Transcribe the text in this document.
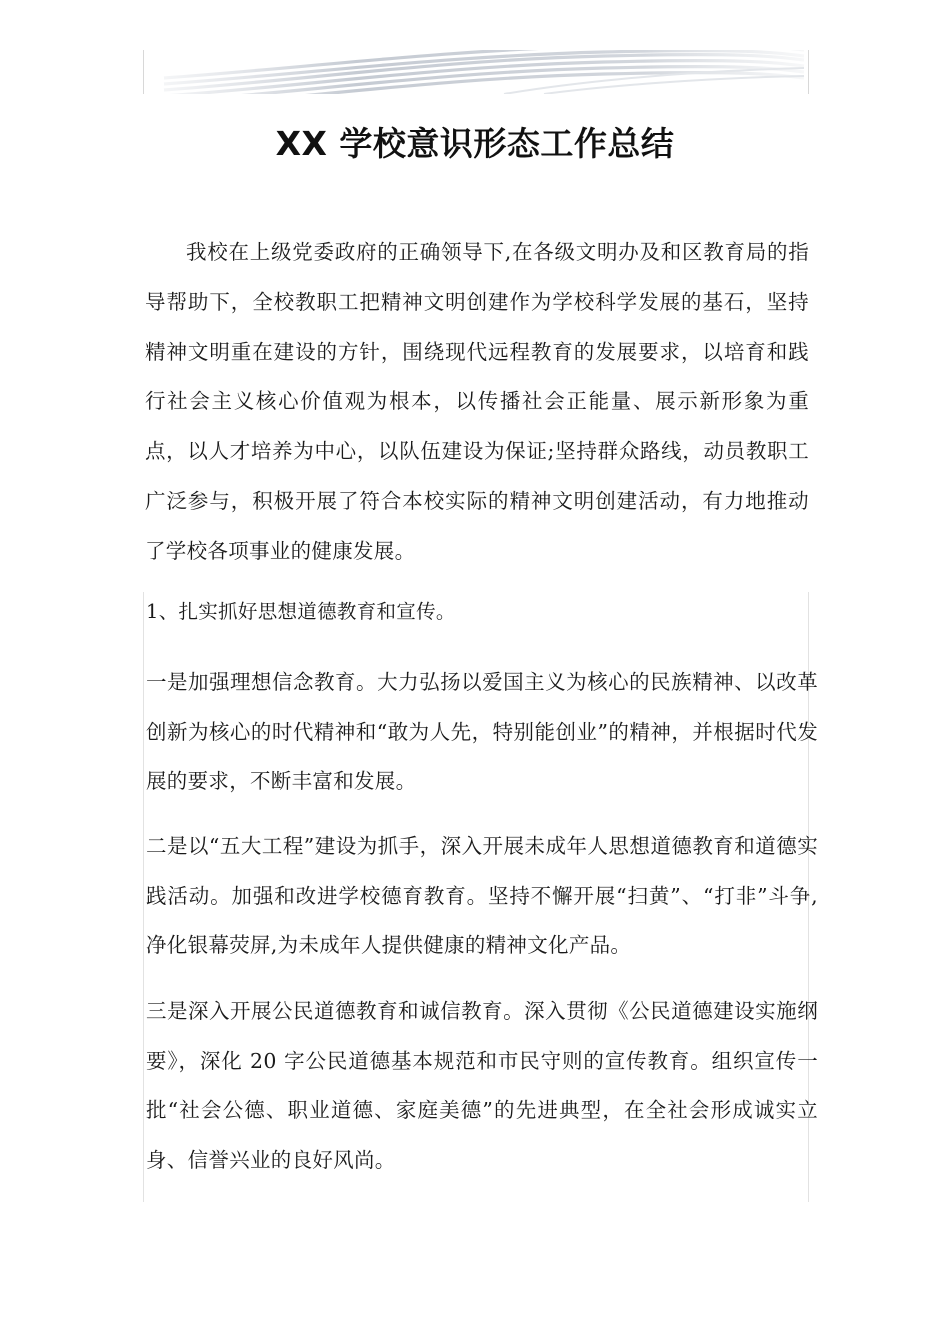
XX 学校意识形态工作总结

我校在上级党委政府的正确领导下,在各级文明办及和区教育局的指导帮助下，全校教职工把精神文明创建作为学校科学发展的基石，坚持精神文明重在建设的方针，围绕现代远程教育的发展要求，以培育和践行社会主义核心价值观为根本，以传播社会正能量、展示新形象为重点，以人才培养为中心，以队伍建设为保证;坚持群众路线，动员教职工广泛参与，积极开展了符合本校实际的精神文明创建活动，有力地推动了学校各项事业的健康发展。

1、扎实抓好思想道德教育和宣传。

一是加强理想信念教育。大力弘扬以爱国主义为核心的民族精神、以改革创新为核心的时代精神和“敢为人先，特别能创业”的精神，并根据时代发展的要求，不断丰富和发展。

二是以“五大工程”建设为抓手，深入开展未成年人思想道德教育和道德实践活动。加强和改进学校德育教育。坚持不懈开展“扫黄”、“打非”斗争,净化银幕荧屏,为未成年人提供健康的精神文化产品。

三是深入开展公民道德教育和诚信教育。深入贯彻《公民道德建设实施纲要》，深化 20 字公民道德基本规范和市民守则的宣传教育。组织宣传一批“社会公德、职业道德、家庭美德”的先进典型，在全社会形成诚实立身、信誉兴业的良好风尚。
